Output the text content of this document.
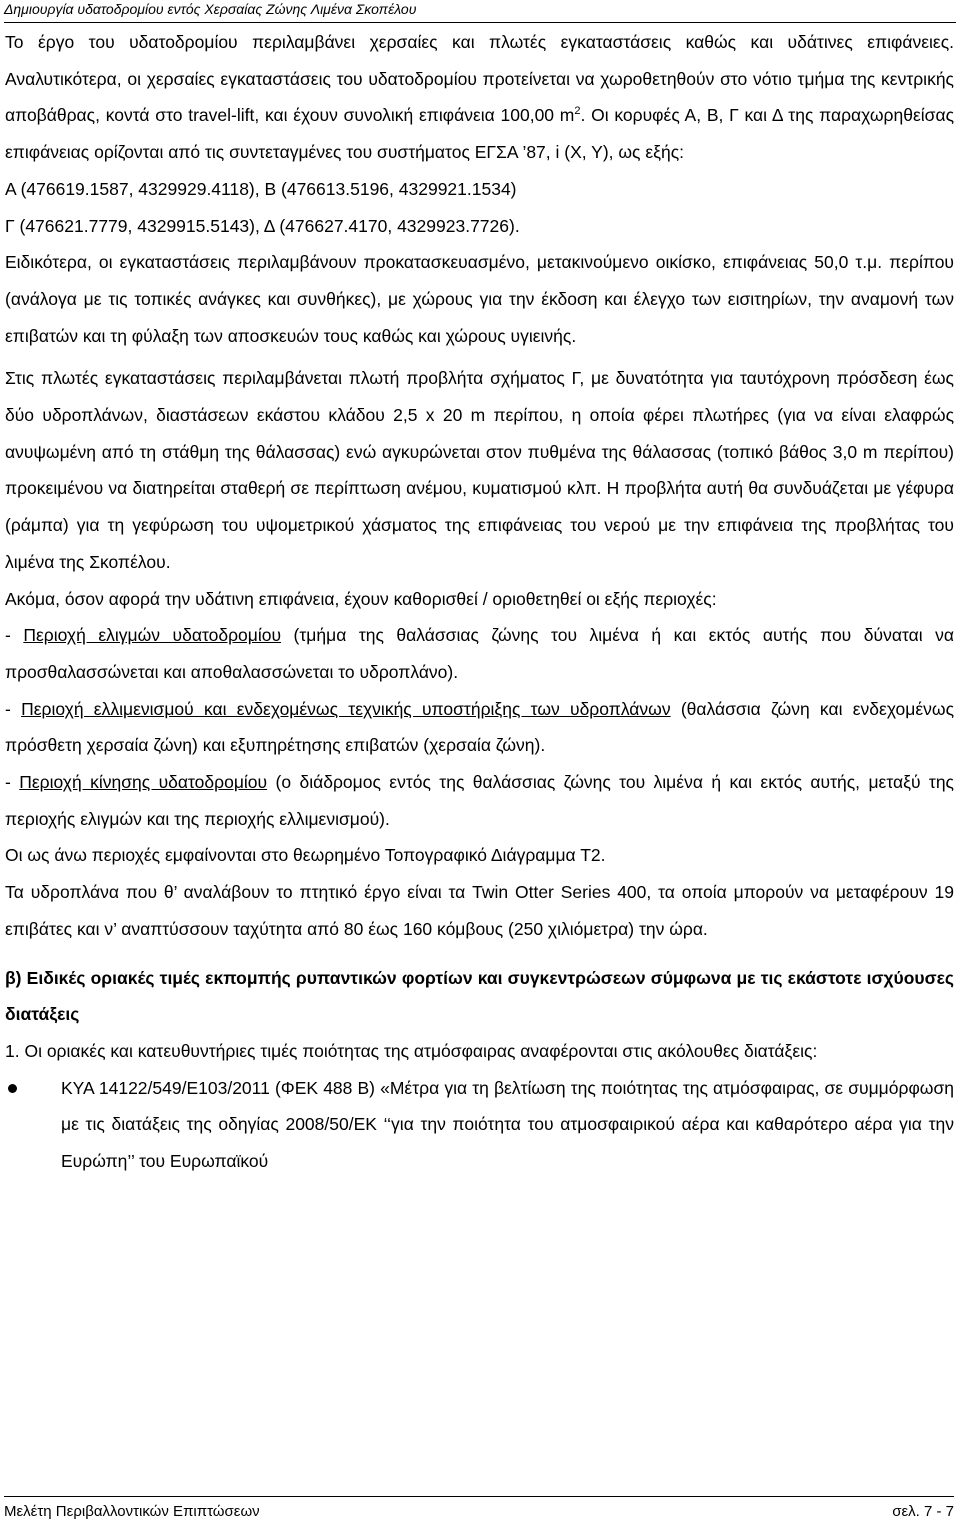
Δημιουργία υδατοδρομίου εντός Χερσαίας Ζώνης Λιμένα Σκοπέλου

Το έργο του υδατοδρομίου περιλαμβάνει χερσαίες και πλωτές εγκαταστάσεις καθώς και υδάτινες επιφάνειες. Αναλυτικότερα, οι χερσαίες εγκαταστάσεις του υδατοδρομίου προτείνεται να χωροθετηθούν στο νότιο τμήμα της κεντρικής αποβάθρας, κοντά στο travel-lift, και έχουν συνολική επιφάνεια 100,00 $m^2$. Οι κορυφές Α, Β, Γ και Δ της παραχωρηθείσας επιφάνειας ορίζονται από τις συντεταγμένες του συστήματος ΕΓΣΑ ’87, i (X, Y), ως εξής:

Α (476619.1587, 4329929.4118), Β (476613.5196, 4329921.1534)

Γ (476621.7779, 4329915.5143), Δ (476627.4170, 4329923.7726).

Ειδικότερα, οι εγκαταστάσεις περιλαμβάνουν προκατασκευασμένο, μετακινούμενο οικίσκο, επιφάνειας 50,0 τ.μ. περίπου (ανάλογα με τις τοπικές ανάγκες και συνθήκες), με χώρους για την έκδοση και έλεγχο των εισιτηρίων, την αναμονή των επιβατών και τη φύλαξη των αποσκευών τους καθώς και χώρους υγιεινής.

Στις πλωτές εγκαταστάσεις περιλαμβάνεται πλωτή προβλήτα σχήματος Γ, με δυνατότητα για ταυτόχρονη πρόσδεση έως δύο υδροπλάνων, διαστάσεων εκάστου κλάδου 2,5 x 20 m περίπου, η οποία φέρει πλωτήρες (για να είναι ελαφρώς ανυψωμένη από τη στάθμη της θάλασσας) ενώ αγκυρώνεται στον πυθμένα της θάλασσας (τοπικό βάθος 3,0 m περίπου) προκειμένου να διατηρείται σταθερή σε περίπτωση ανέμου, κυματισμού κλπ. Η προβλήτα αυτή θα συνδυάζεται με γέφυρα (ράμπα) για τη γεφύρωση του υψομετρικού χάσματος της επιφάνειας του νερού με την επιφάνεια της προβλήτας του λιμένα της Σκοπέλου.

Ακόμα, όσον αφορά την υδάτινη επιφάνεια, έχουν καθορισθεί / οριοθετηθεί οι εξής περιοχές:

- Περιοχή ελιγμών υδατοδρομίου (τμήμα της θαλάσσιας ζώνης του λιμένα ή και εκτός αυτής που δύναται να προσθαλασσώνεται και αποθαλασσώνεται το υδροπλάνο).

- Περιοχή ελλιμενισμού και ενδεχομένως τεχνικής υποστήριξης των υδροπλάνων (θαλάσσια ζώνη και ενδεχομένως πρόσθετη χερσαία ζώνη) και εξυπηρέτησης επιβατών (χερσαία ζώνη).

- Περιοχή κίνησης υδατοδρομίου (ο διάδρομος εντός της θαλάσσιας ζώνης του λιμένα ή και εκτός αυτής, μεταξύ της περιοχής ελιγμών και της περιοχής ελλιμενισμού).

Οι ως άνω περιοχές εμφαίνονται στο θεωρημένο Τοπογραφικό Διάγραμμα Τ2.

Τα υδροπλάνα που θ’ αναλάβουν το πτητικό έργο είναι τα Twin Otter Series 400, τα οποία μπορούν να μεταφέρουν 19 επιβάτες και ν’ αναπτύσσουν ταχύτητα από 80 έως 160 κόμβους (250 χιλιόμετρα) την ώρα.

β) Ειδικές οριακές τιμές εκπομπής ρυπαντικών φορτίων και συγκεντρώσεων σύμφωνα με τις εκάστοτε ισχύουσες διατάξεις

1. Οι οριακές και κατευθυντήριες τιμές ποιότητας της ατμόσφαιρας αναφέρονται στις ακόλουθες διατάξεις:

ΚΥΑ 14122/549/Ε103/2011 (ΦΕΚ 488 Β) «Μέτρα για τη βελτίωση της ποιότητας της ατμόσφαιρας, σε συμμόρφωση με τις διατάξεις της οδηγίας 2008/50/ΕΚ ‘‘για την ποιότητα του ατμοσφαιρικού αέρα και καθαρότερο αέρα για την Ευρώπη’’ του Ευρωπαϊκού

Μελέτη Περιβαλλοντικών Επιπτώσεων	σελ. 7 - 7
